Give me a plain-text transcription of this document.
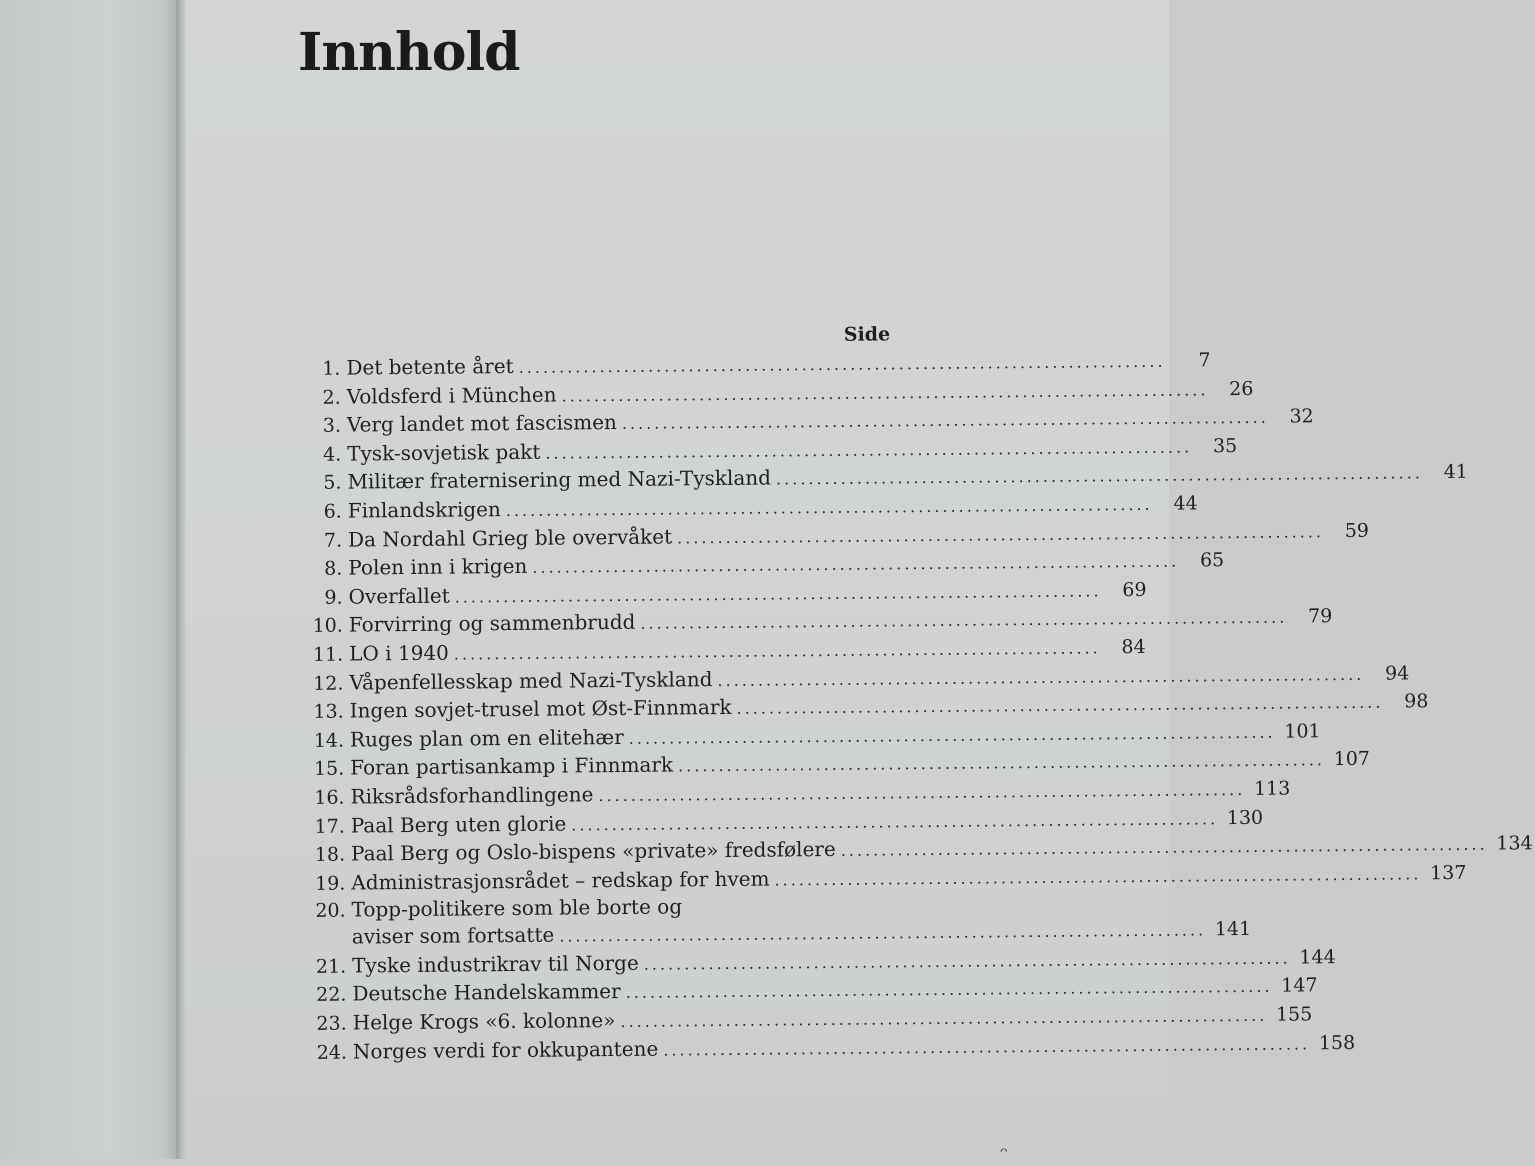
Innhold
Side
1. Det betente året ................................................................................	7
2. Voldsferd i München ................................................................................	26
3. Verg landet mot fascismen ................................................................................	32
4. Tysk-sovjetisk pakt ................................................................................	35
5. Militær fraternisering med Nazi-Tyskland ................................................................................	41
6. Finlandskrigen ................................................................................	44
7. Da Nordahl Grieg ble overvåket ................................................................................	59
8. Polen inn i krigen ................................................................................	65
9. Overfallet ................................................................................	69
10. Forvirring og sammenbrudd ................................................................................	79
11. LO i 1940 ................................................................................	84
12. Våpenfellesskap med Nazi-Tyskland ................................................................................	94
13. Ingen sovjet-trusel mot Øst-Finnmark ................................................................................	98
14. Ruges plan om en elitehær ................................................................................ 101
15. Foran partisankamp i Finnmark ................................................................................ 107
16. Riksrådsforhandlingene ................................................................................ 113
17. Paal Berg uten glorie ................................................................................ 130
18. Paal Berg og Oslo-bispens «private» fredsfølere ................................................................................ 134
19. Administrasjonsrådet – redskap for hvem ................................................................................ 137
20. Topp-politikere som ble borte og
aviser som fortsatte ................................................................................ 141
21. Tyske industrikrav til Norge ................................................................................ 144
22. Deutsche Handelskammer ................................................................................ 147
23. Helge Krogs «6. kolonne» ................................................................................ 155
24. Norges verdi for okkupantene ................................................................................ 158
ᵔ
